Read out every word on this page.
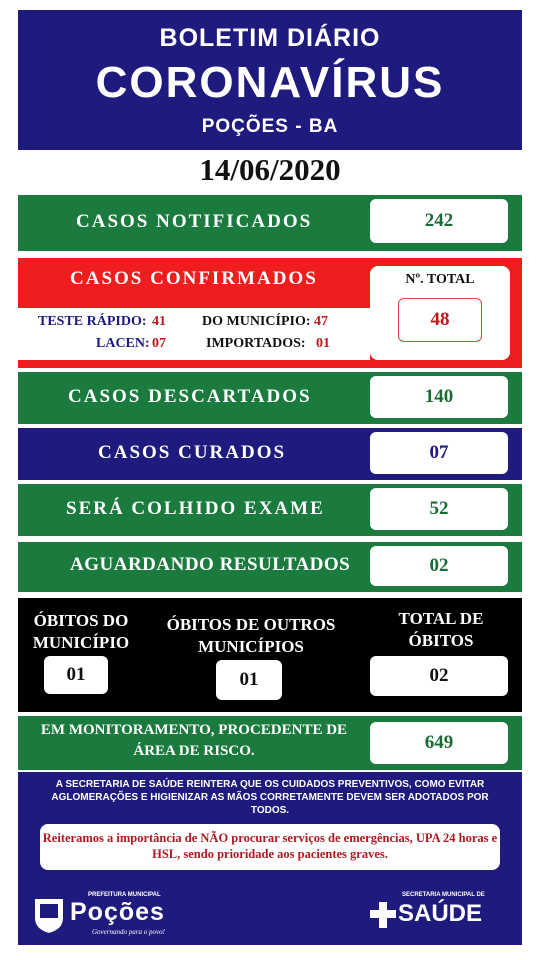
BOLETIM DIÁRIO
CORONAVÍRUS
POÇÕES - BA
14/06/2020
CASOS NOTIFICADOS	242
CASOS CONFIRMADOS
TESTE RÁPIDO: 41	DO MUNICÍPIO: 47
LACEN: 07	IMPORTADOS: 01
Nº. TOTAL
48
CASOS DESCARTADOS	140
CASOS CURADOS	07
SERÁ COLHIDO EXAME	52
AGUARDANDO RESULTADOS	02
ÓBITOS DO
MUNICÍPIO
01
ÓBITOS DE OUTROS
MUNICÍPIOS
01
TOTAL DE
ÓBITOS
02
EM MONITORAMENTO, PROCEDENTE DE
ÁREA DE RISCO.	649
A SECRETARIA DE SAÚDE REINTERA QUE OS CUIDADOS PREVENTIVOS, COMO EVITAR AGLOMERAÇÕES E HIGIENIZAR AS MÃOS CORRETAMENTE DEVEM SER ADOTADOS POR TODOS.
Reiteramos a importância de NÃO procurar serviços de emergências, UPA 24 horas e HSL, sendo prioridade aos pacientes graves.
PREFEITURA MUNICIPAL
Poções
Governando para o povo!
SECRETARIA MUNICIPAL DE
SAÚDE
